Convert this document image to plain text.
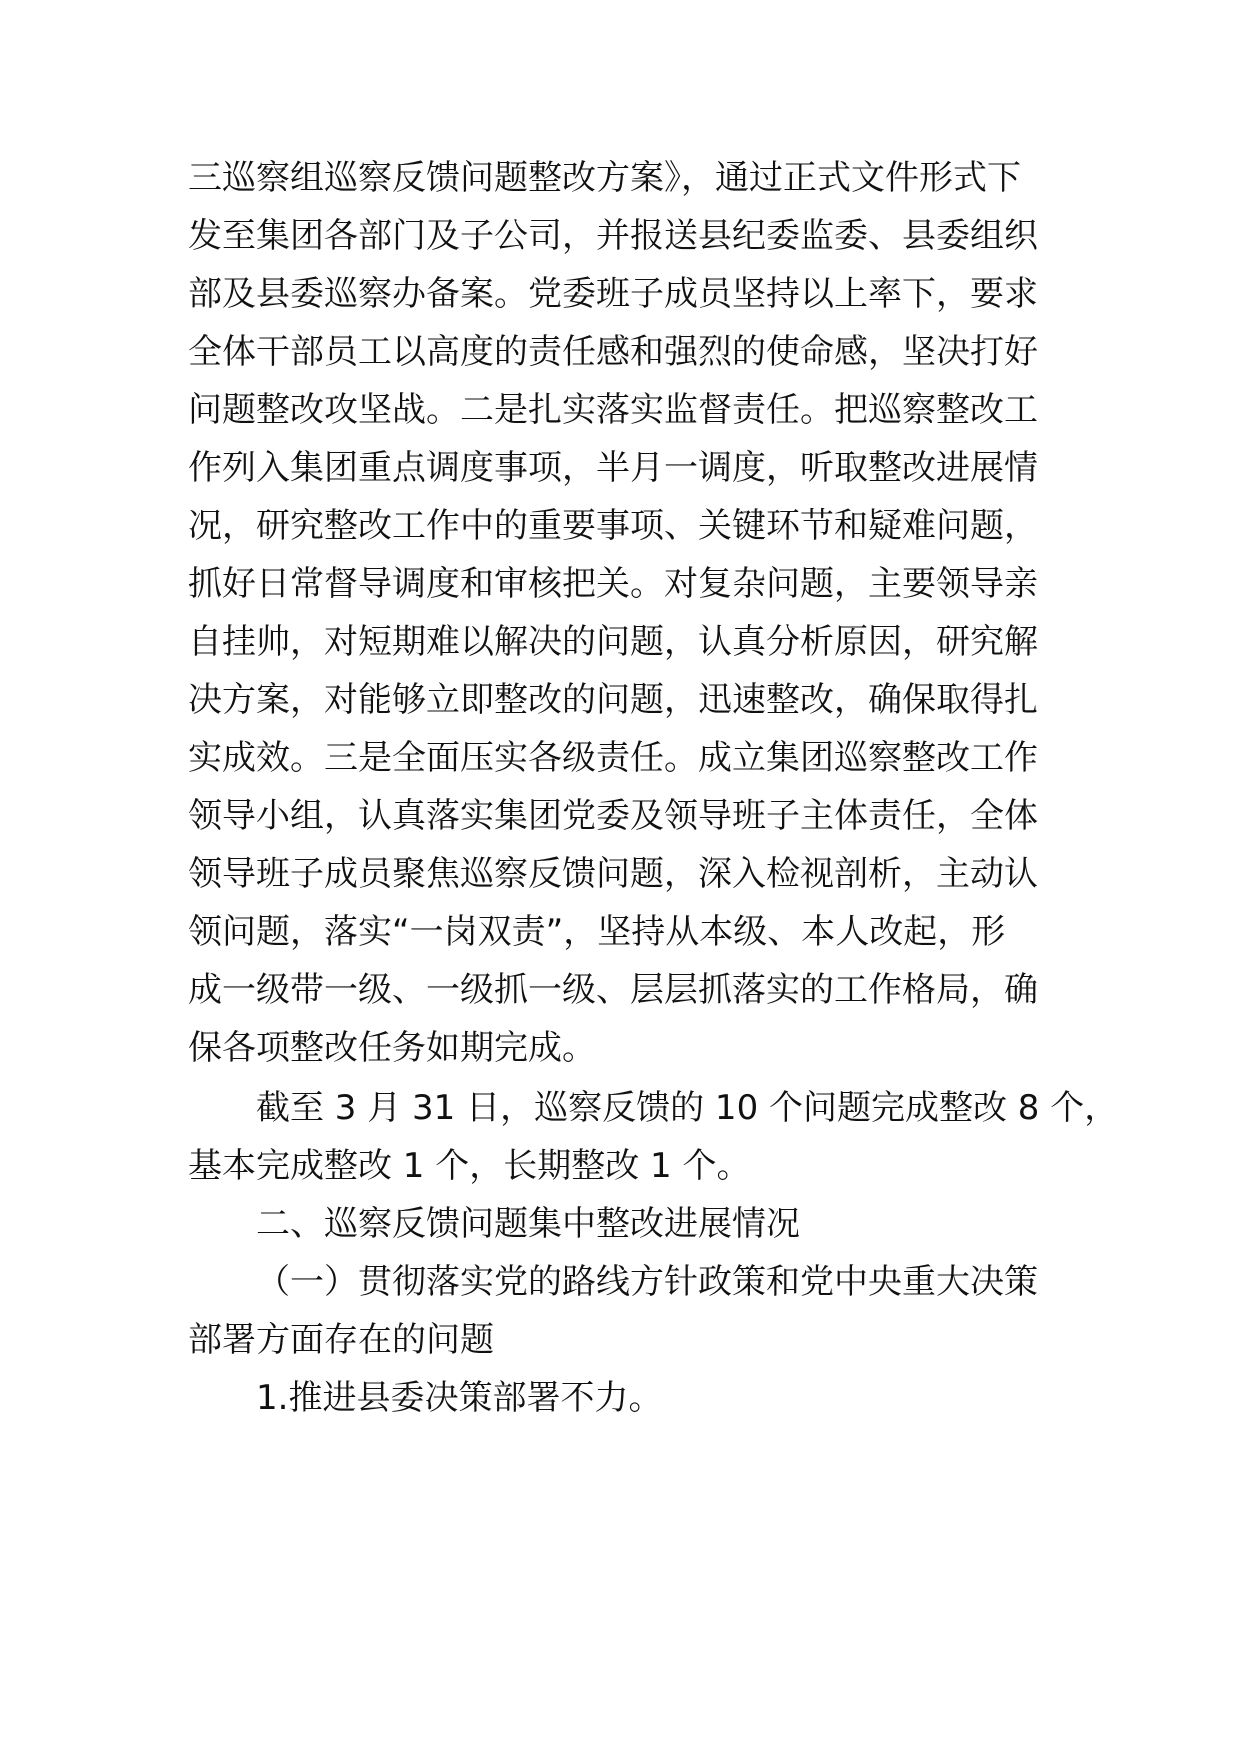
三巡察组巡察反馈问题整改方案》，通过正式文件形式下
发至集团各部门及子公司，并报送县纪委监委、县委组织
部及县委巡察办备案。党委班子成员坚持以上率下，要求
全体干部员工以高度的责任感和强烈的使命感，坚决打好
问题整改攻坚战。二是扎实落实监督责任。把巡察整改工
作列入集团重点调度事项，半月一调度，听取整改进展情
况，研究整改工作中的重要事项、关键环节和疑难问题，
抓好日常督导调度和审核把关。对复杂问题，主要领导亲
自挂帅，对短期难以解决的问题，认真分析原因，研究解
决方案，对能够立即整改的问题，迅速整改，确保取得扎
实成效。三是全面压实各级责任。成立集团巡察整改工作
领导小组，认真落实集团党委及领导班子主体责任，全体
领导班子成员聚焦巡察反馈问题，深入检视剖析，主动认
领问题，落实“一岗双责”，坚持从本级、本人改起，形
成一级带一级、一级抓一级、层层抓落实的工作格局，确
保各项整改任务如期完成。
截至 3 月 31 日，巡察反馈的 10 个问题完成整改 8 个，
基本完成整改 1 个，长期整改 1 个。
二、巡察反馈问题集中整改进展情况
（一）贯彻落实党的路线方针政策和党中央重大决策
部署方面存在的问题
1.推进县委决策部署不力。
